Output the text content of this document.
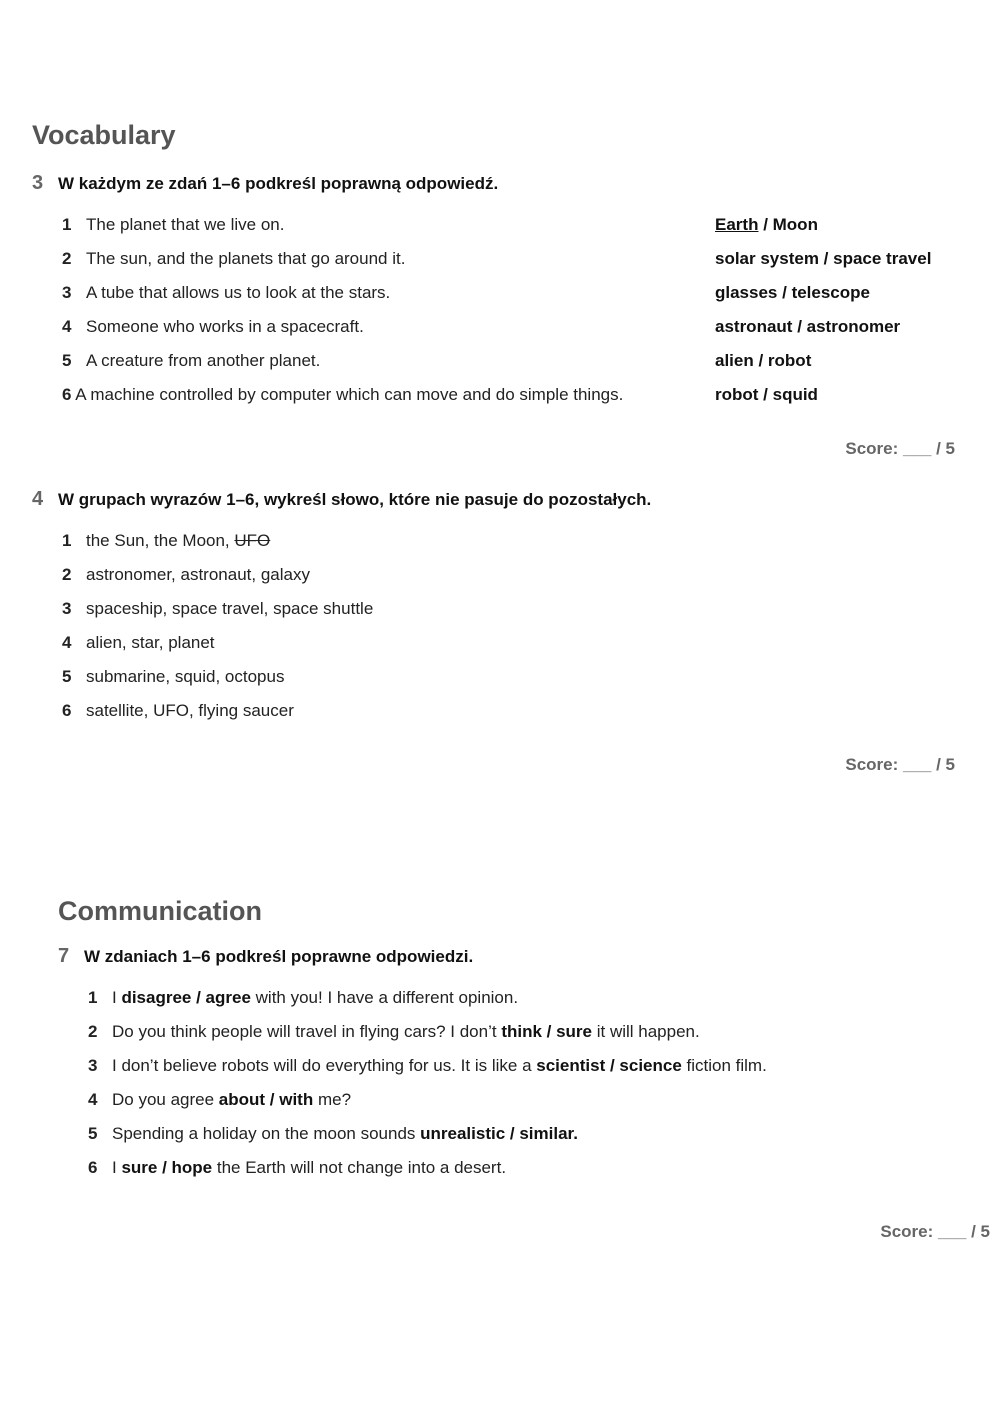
Vocabulary
3 W każdym ze zdań 1–6 podkreśl poprawną odpowiedź.
1 The planet that we live on.	Earth / Moon
2 The sun, and the planets that go around it.	solar system / space travel
3 A tube that allows us to look at the stars.	glasses / telescope
4 Someone who works in a spacecraft.	astronaut / astronomer
5 A creature from another planet.	alien / robot
6 A machine controlled by computer which can move and do simple things.	robot / squid
Score: ___ / 5
4 W grupach wyrazów 1–6, wykreśl słowo, które nie pasuje do pozostałych.
1 the Sun, the Moon, UFO
2 astronomer, astronaut, galaxy
3 spaceship, space travel, space shuttle
4 alien, star, planet
5 submarine, squid, octopus
6 satellite, UFO, flying saucer
Score: ___ / 5
Communication
7 W zdaniach 1–6 podkreśl poprawne odpowiedzi.
1 I disagree / agree with you! I have a different opinion.
2 Do you think people will travel in flying cars? I don’t think / sure it will happen.
3 I don’t believe robots will do everything for us. It is like a scientist / science fiction film.
4 Do you agree about / with me?
5 Spending a holiday on the moon sounds unrealistic / similar.
6 I sure / hope the Earth will not change into a desert.
Score: ___ / 5
